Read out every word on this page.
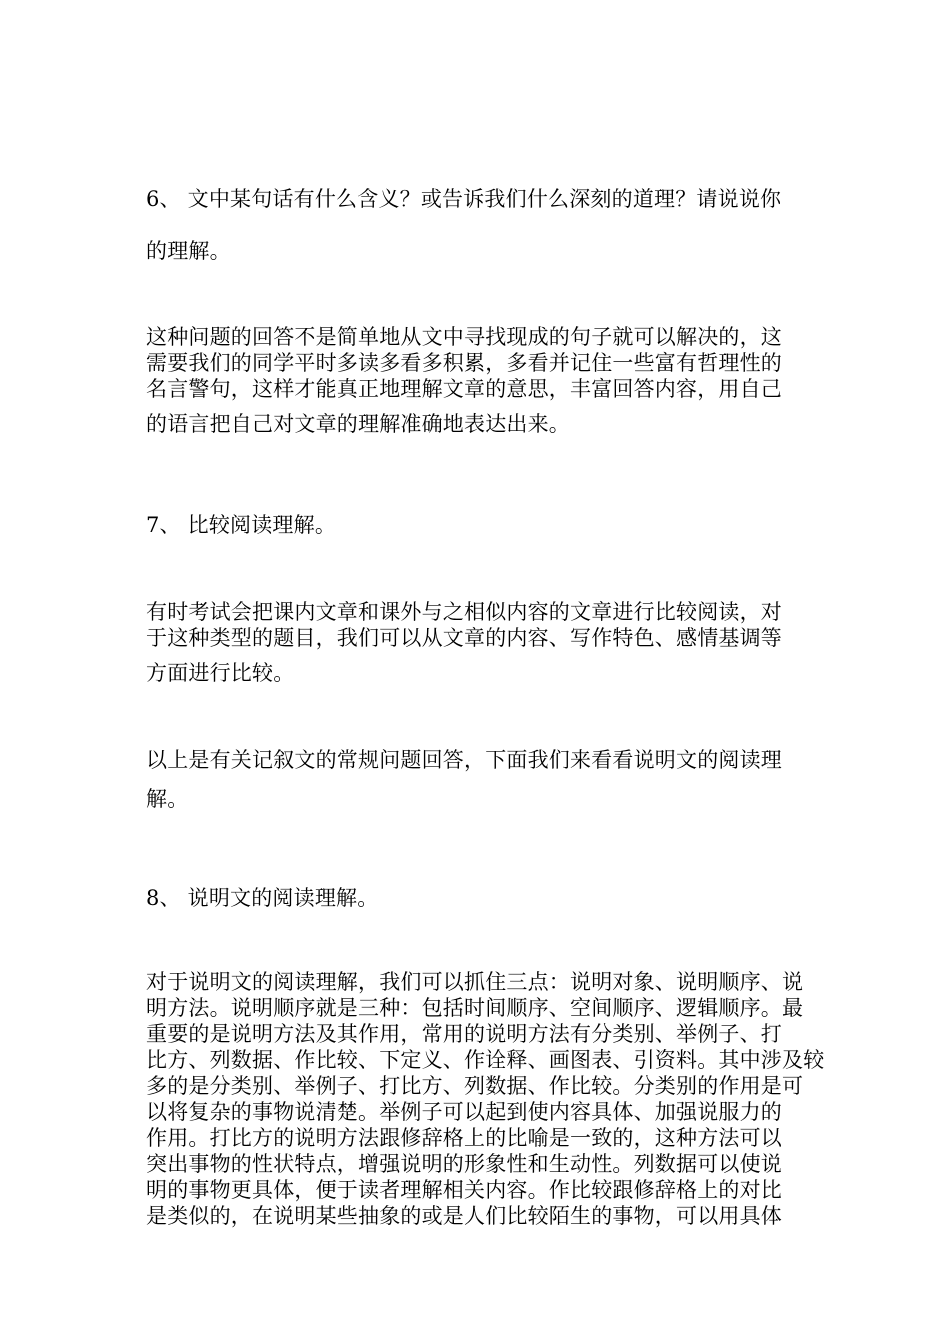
6、 文中某句话有什么含义？或告诉我们什么深刻的道理？请说说你
的理解。
这种问题的回答不是简单地从文中寻找现成的句子就可以解决的，这
需要我们的同学平时多读多看多积累，多看并记住一些富有哲理性的
名言警句，这样才能真正地理解文章的意思，丰富回答内容，用自己
的语言把自己对文章的理解准确地表达出来。
7、 比较阅读理解。
有时考试会把课内文章和课外与之相似内容的文章进行比较阅读，对
于这种类型的题目，我们可以从文章的内容、写作特色、感情基调等
方面进行比较。
以上是有关记叙文的常规问题回答，下面我们来看看说明文的阅读理
解。
8、 说明文的阅读理解。
对于说明文的阅读理解，我们可以抓住三点：说明对象、说明顺序、说
明方法。说明顺序就是三种：包括时间顺序、空间顺序、逻辑顺序。最
重要的是说明方法及其作用，常用的说明方法有分类别、举例子、打
比方、列数据、作比较、下定义、作诠释、画图表、引资料。其中涉及较
多的是分类别、举例子、打比方、列数据、作比较。分类别的作用是可
以将复杂的事物说清楚。举例子可以起到使内容具体、加强说服力的
作用。打比方的说明方法跟修辞格上的比喻是一致的，这种方法可以
突出事物的性状特点，增强说明的形象性和生动性。列数据可以使说
明的事物更具体，便于读者理解相关内容。作比较跟修辞格上的对比
是类似的，在说明某些抽象的或是人们比较陌生的事物，可以用具体
